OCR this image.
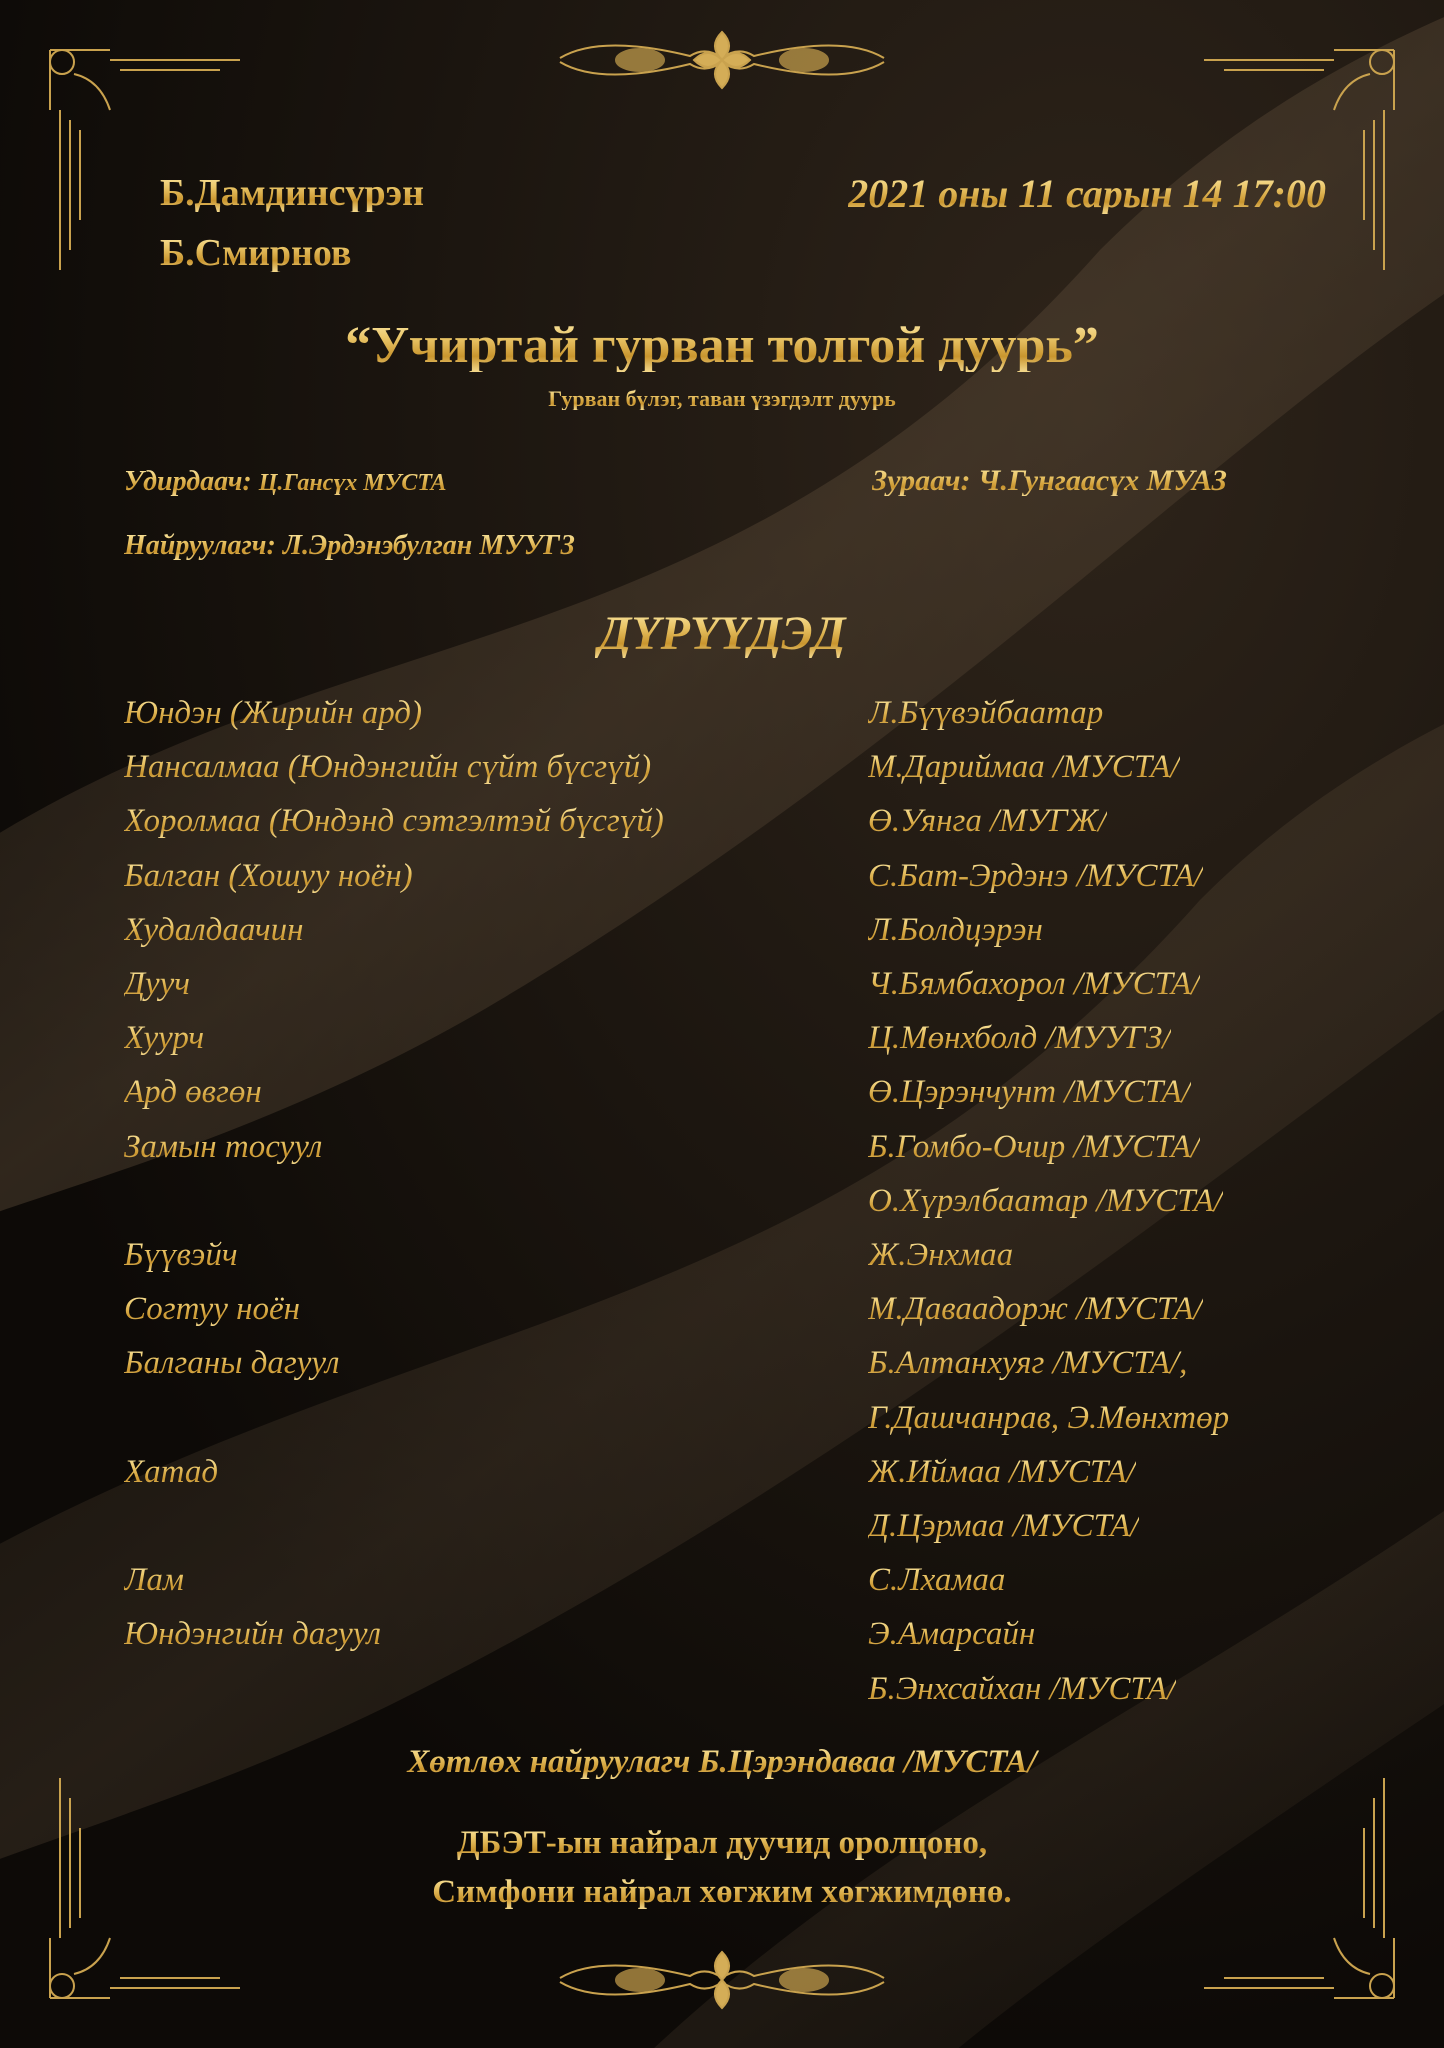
Б.Дамдинсүрэн
Б.Смирнов
2021 оны 11 сарын 14 17:00
“Учиртай гурван толгой дуурь”
Гурван бүлэг, таван үзэгдэлт дуурь
Удирдаач: Ц.Гансүх МУСТА	Зураач: Ч.Гунгаасүх МУАЗ
Найруулагч: Л.Эрдэнэбулган МУУГЗ
ДҮРҮҮДЭД
Юндэн (Жирийн ард)	Л.Бүүвэйбаатар
Нансалмаа (Юндэнгийн сүйт бүсгүй)	М.Дариймаа /МУСТА/
Хоролмаа (Юндэнд сэтгэлтэй бүсгүй)	Ө.Уянга /МУГЖ/
Балган (Хошуу ноён)	С.Бат-Эрдэнэ /МУСТА/
Худалдаачин	Л.Болдцэрэн
Дууч	Ч.Бямбахорол /МУСТА/
Хуурч	Ц.Мөнхболд /МУУГЗ/
Ард өвгөн	Ө.Цэрэнчунт /МУСТА/
Замын тосуул	Б.Гомбо-Очир /МУСТА/
О.Хүрэлбаатар /МУСТА/
Бүүвэйч	Ж.Энхмаа
Согтуу ноён	М.Даваадорж /МУСТА/
Балганы дагуул	Б.Алтанхуяг /МУСТА/,
Г.Дашчанрав, Э.Мөнхтөр
Хатад	Ж.Иймаа /МУСТА/
Д.Цэрмаа /МУСТА/
Лам	С.Лхамаа
Юндэнгийн дагуул	Э.Амарсайн
Б.Энхсайхан /МУСТА/
Хөтлөх найруулагч Б.Цэрэндаваа /МУСТА/
ДБЭТ-ын найрал дуучид оролцоно,
Симфони найрал хөгжим хөгжимдөнө.
